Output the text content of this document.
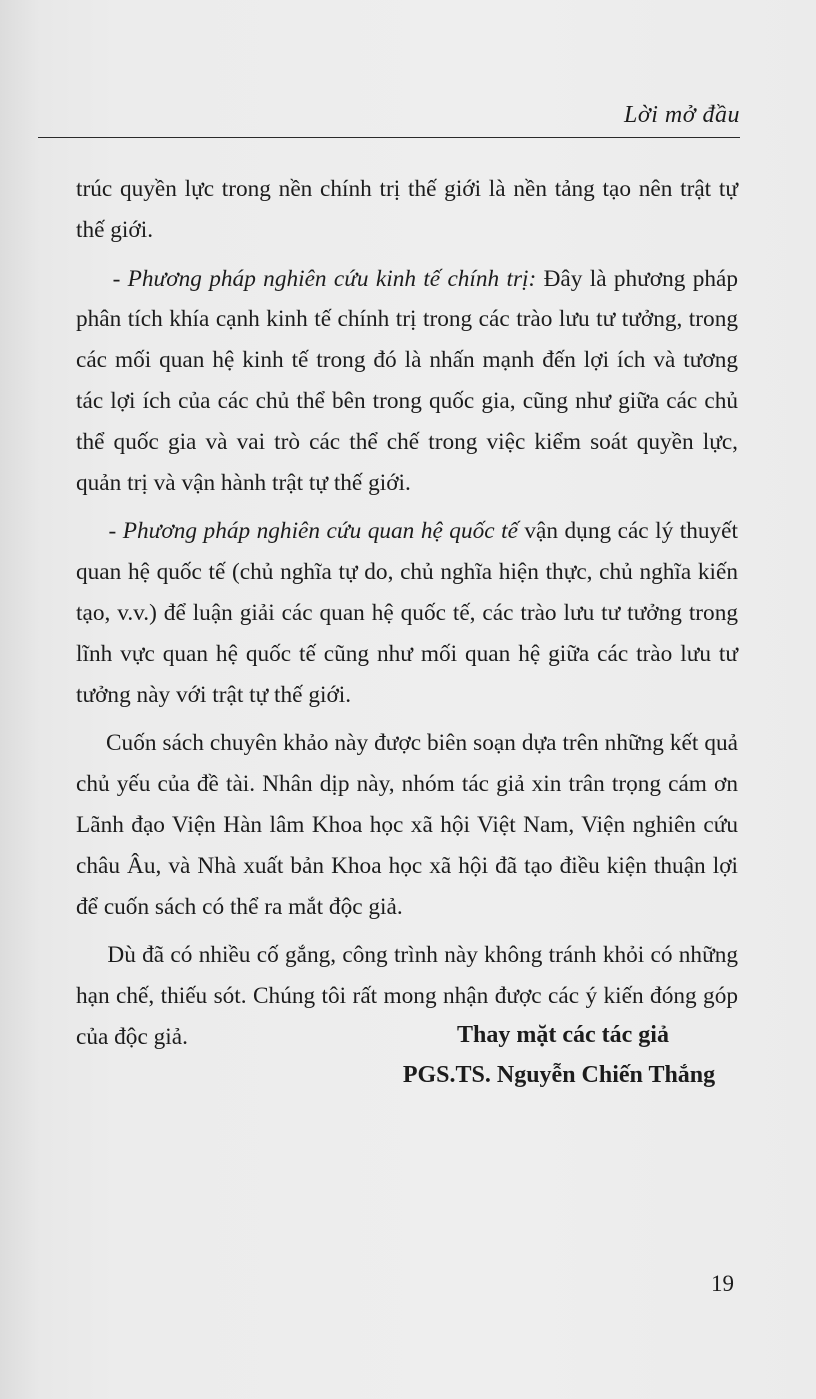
Lời mở đầu

trúc quyền lực trong nền chính trị thế giới là nền tảng tạo nên trật tự thế giới.

- Phương pháp nghiên cứu kinh tế chính trị: Đây là phương pháp phân tích khía cạnh kinh tế chính trị trong các trào lưu tư tưởng, trong các mối quan hệ kinh tế trong đó là nhấn mạnh đến lợi ích và tương tác lợi ích của các chủ thể bên trong quốc gia, cũng như giữa các chủ thể quốc gia và vai trò các thể chế trong việc kiểm soát quyền lực, quản trị và vận hành trật tự thế giới.

- Phương pháp nghiên cứu quan hệ quốc tế vận dụng các lý thuyết quan hệ quốc tế (chủ nghĩa tự do, chủ nghĩa hiện thực, chủ nghĩa kiến tạo, v.v.) để luận giải các quan hệ quốc tế, các trào lưu tư tưởng trong lĩnh vực quan hệ quốc tế cũng như mối quan hệ giữa các trào lưu tư tưởng này với trật tự thế giới.

Cuốn sách chuyên khảo này được biên soạn dựa trên những kết quả chủ yếu của đề tài. Nhân dịp này, nhóm tác giả xin trân trọng cám ơn Lãnh đạo Viện Hàn lâm Khoa học xã hội Việt Nam, Viện nghiên cứu châu Âu, và Nhà xuất bản Khoa học xã hội đã tạo điều kiện thuận lợi để cuốn sách có thể ra mắt độc giả.

Dù đã có nhiều cố gắng, công trình này không tránh khỏi có những hạn chế, thiếu sót. Chúng tôi rất mong nhận được các ý kiến đóng góp của độc giả.	Thay mặt các tác giả
PGS.TS. Nguyễn Chiến Thắng
19
